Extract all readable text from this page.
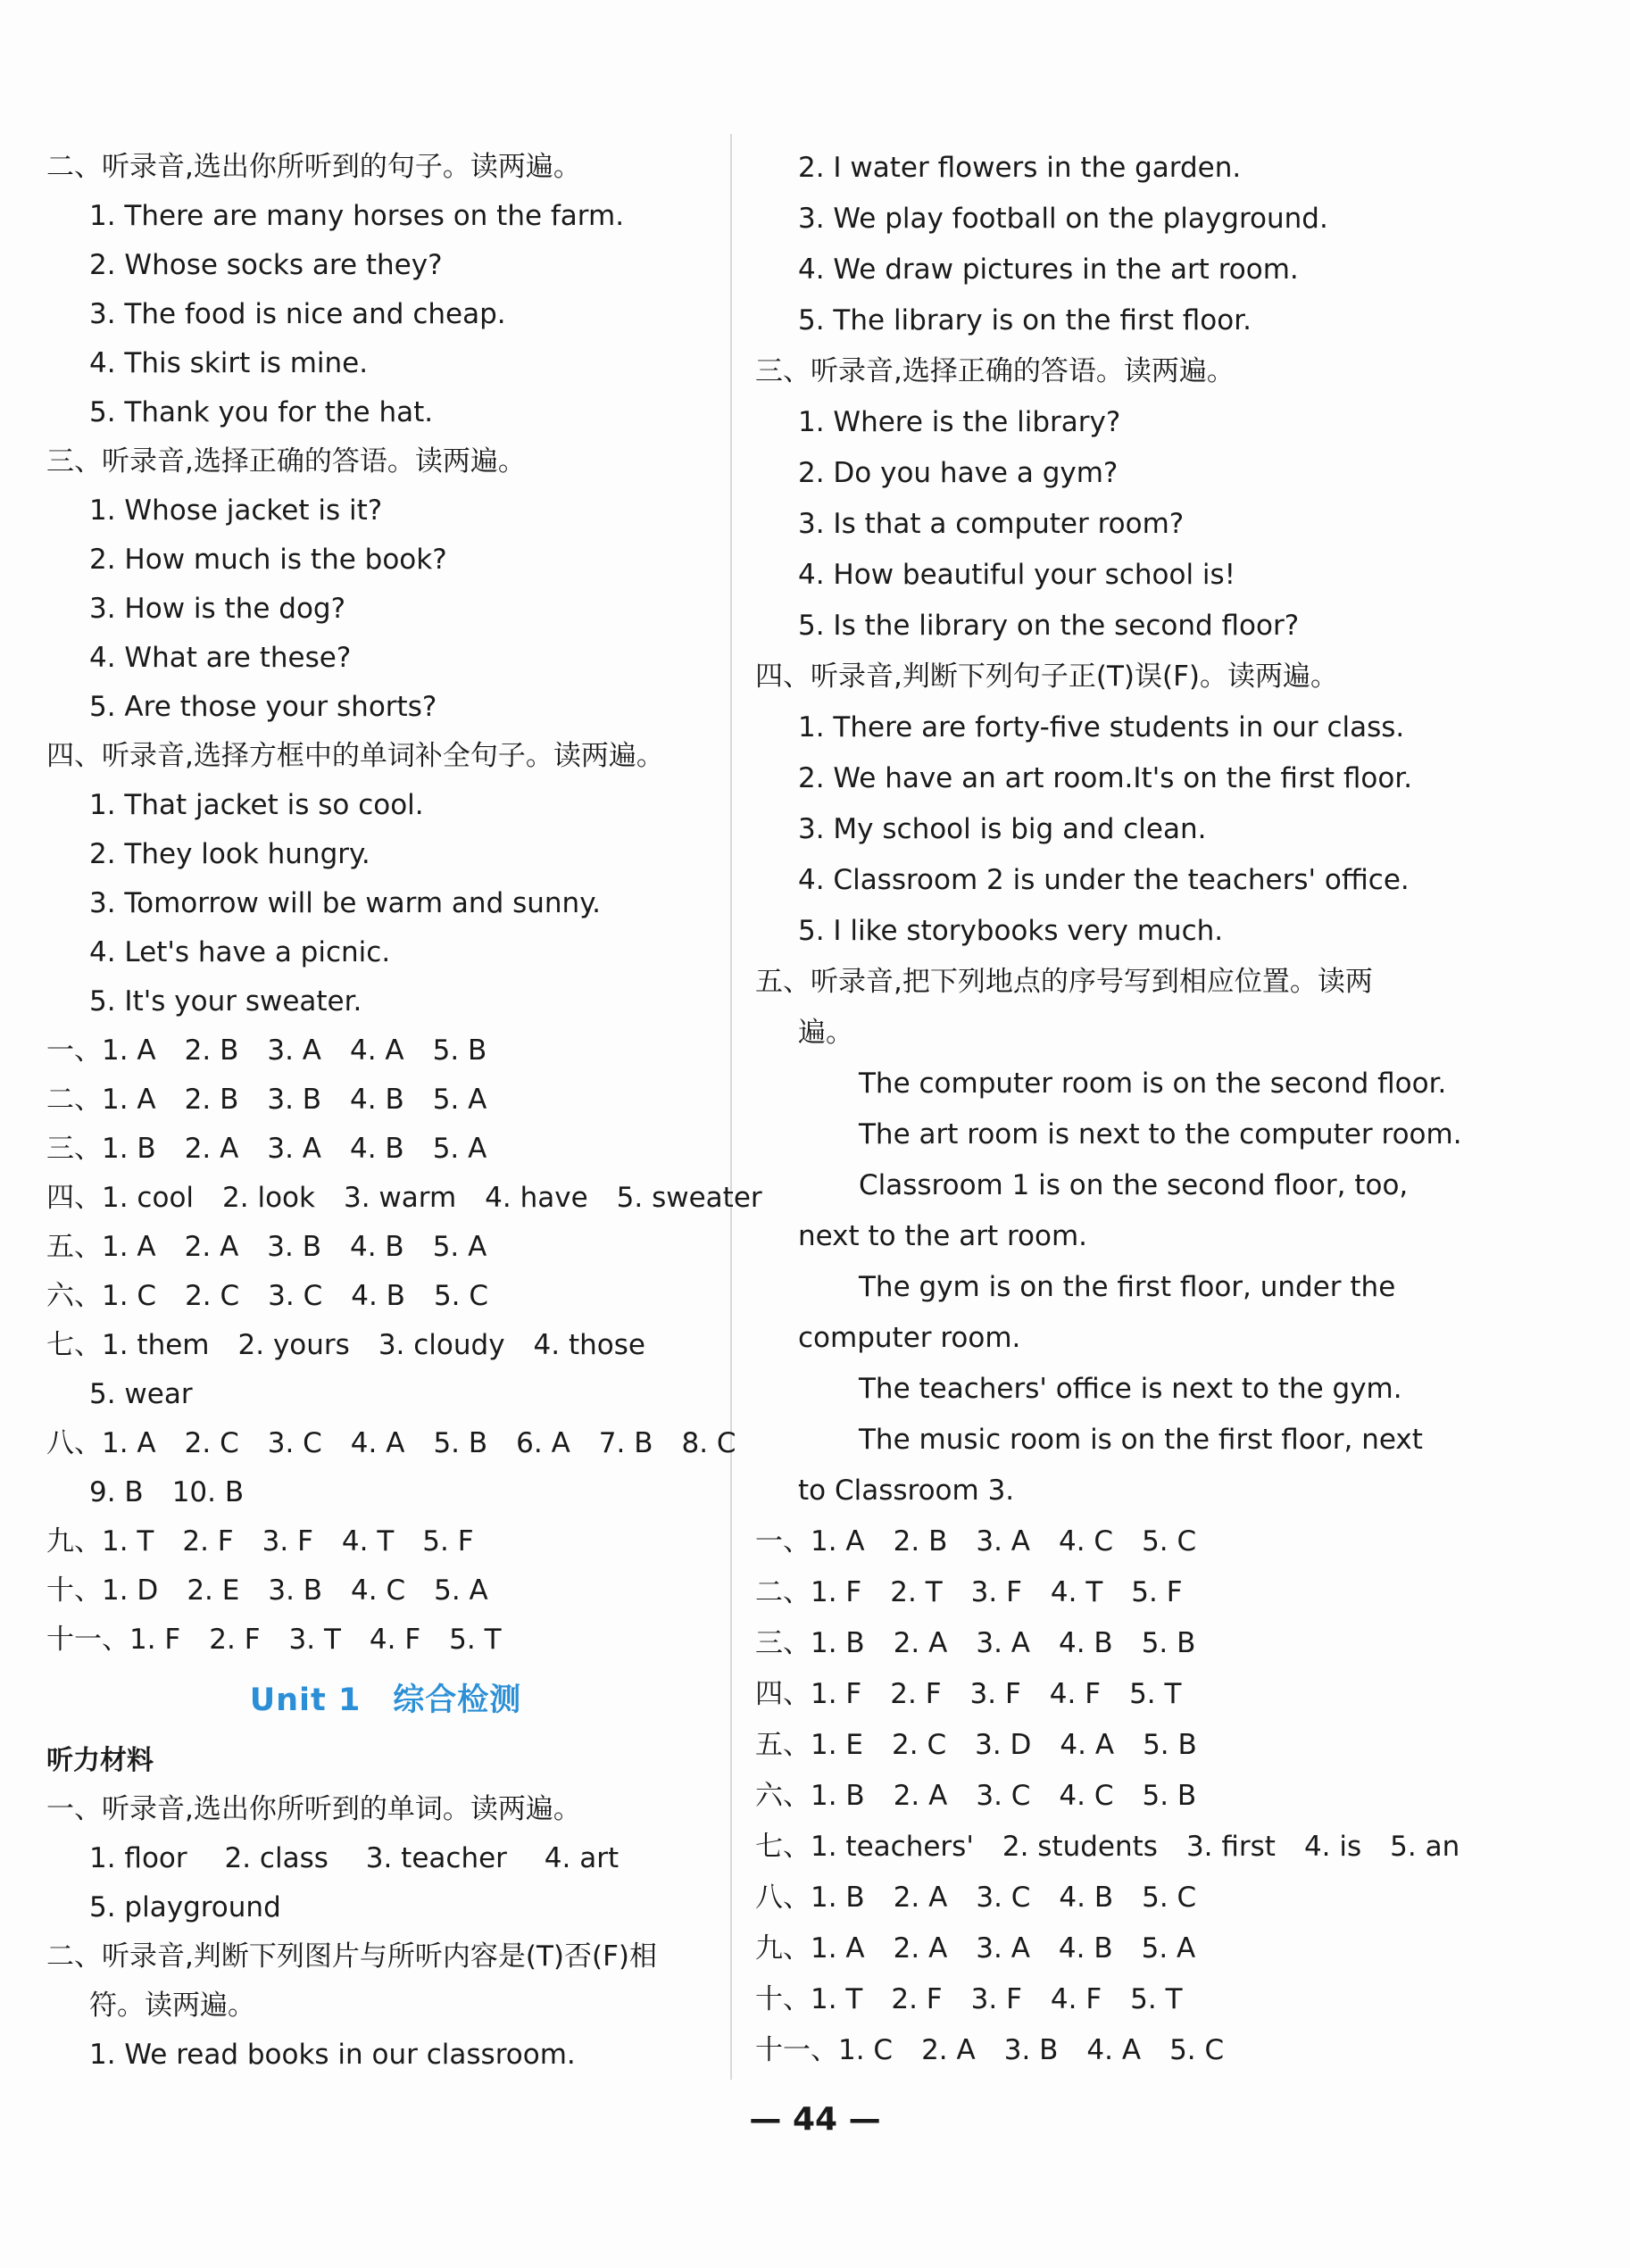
二、听录音,选出你所听到的句子。读两遍。
1. There are many horses on the farm.
2. Whose socks are they?
3. The food is nice and cheap.
4. This skirt is mine.
5. Thank you for the hat.
三、听录音,选择正确的答语。读两遍。
1. Whose jacket is it?
2. How much is the book?
3. How is the dog?
4. What are these?
5. Are those your shorts?
四、听录音,选择方框中的单词补全句子。读两遍。
1. That jacket is so cool.
2. They look hungry.
3. Tomorrow will be warm and sunny.
4. Let's have a picnic.
5. It's your sweater.
一、1. A 2. B 3. A 4. A 5. B
二、1. A 2. B 3. B 4. B 5. A
三、1. B 2. A 3. A 4. B 5. A
四、1. cool 2. look 3. warm 4. have 5. sweater
五、1. A 2. A 3. B 4. B 5. A
六、1. C 2. C 3. C 4. B 5. C
七、1. them 2. yours 3. cloudy 4. those
5. wear
八、1. A 2. C 3. C 4. A 5. B 6. A 7. B 8. C
9. B 10. B
九、1. T 2. F 3. F 4. T 5. F
十、1. D 2. E 3. B 4. C 5. A
十一、1. F 2. F 3. T 4. F 5. T
Unit 1 综合检测
听力材料
一、听录音,选出你所听到的单词。读两遍。
1. floor 2. class 3. teacher 4. art
5. playground
二、听录音,判断下列图片与所听内容是(T)否(F)相
符。读两遍。
1. We read books in our classroom.
2. I water flowers in the garden.
3. We play football on the playground.
4. We draw pictures in the art room.
5. The library is on the first floor.
三、听录音,选择正确的答语。读两遍。
1. Where is the library?
2. Do you have a gym?
3. Is that a computer room?
4. How beautiful your school is!
5. Is the library on the second floor?
四、听录音,判断下列句子正(T)误(F)。读两遍。
1. There are forty-five students in our class.
2. We have an art room.It's on the first floor.
3. My school is big and clean.
4. Classroom 2 is under the teachers' office.
5. I like storybooks very much.
五、听录音,把下列地点的序号写到相应位置。读两
遍。
The computer room is on the second floor.
The art room is next to the computer room.
Classroom 1 is on the second floor, too,
next to the art room.
The gym is on the first floor, under the
computer room.
The teachers' office is next to the gym.
The music room is on the first floor, next
to Classroom 3.
一、1. A 2. B 3. A 4. C 5. C
二、1. F 2. T 3. F 4. T 5. F
三、1. B 2. A 3. A 4. B 5. B
四、1. F 2. F 3. F 4. F 5. T
五、1. E 2. C 3. D 4. A 5. B
六、1. B 2. A 3. C 4. C 5. B
七、1. teachers' 2. students 3. first 4. is 5. an
八、1. B 2. A 3. C 4. B 5. C
九、1. A 2. A 3. A 4. B 5. A
十、1. T 2. F 3. F 4. F 5. T
十一、1. C 2. A 3. B 4. A 5. C
— 44 —
